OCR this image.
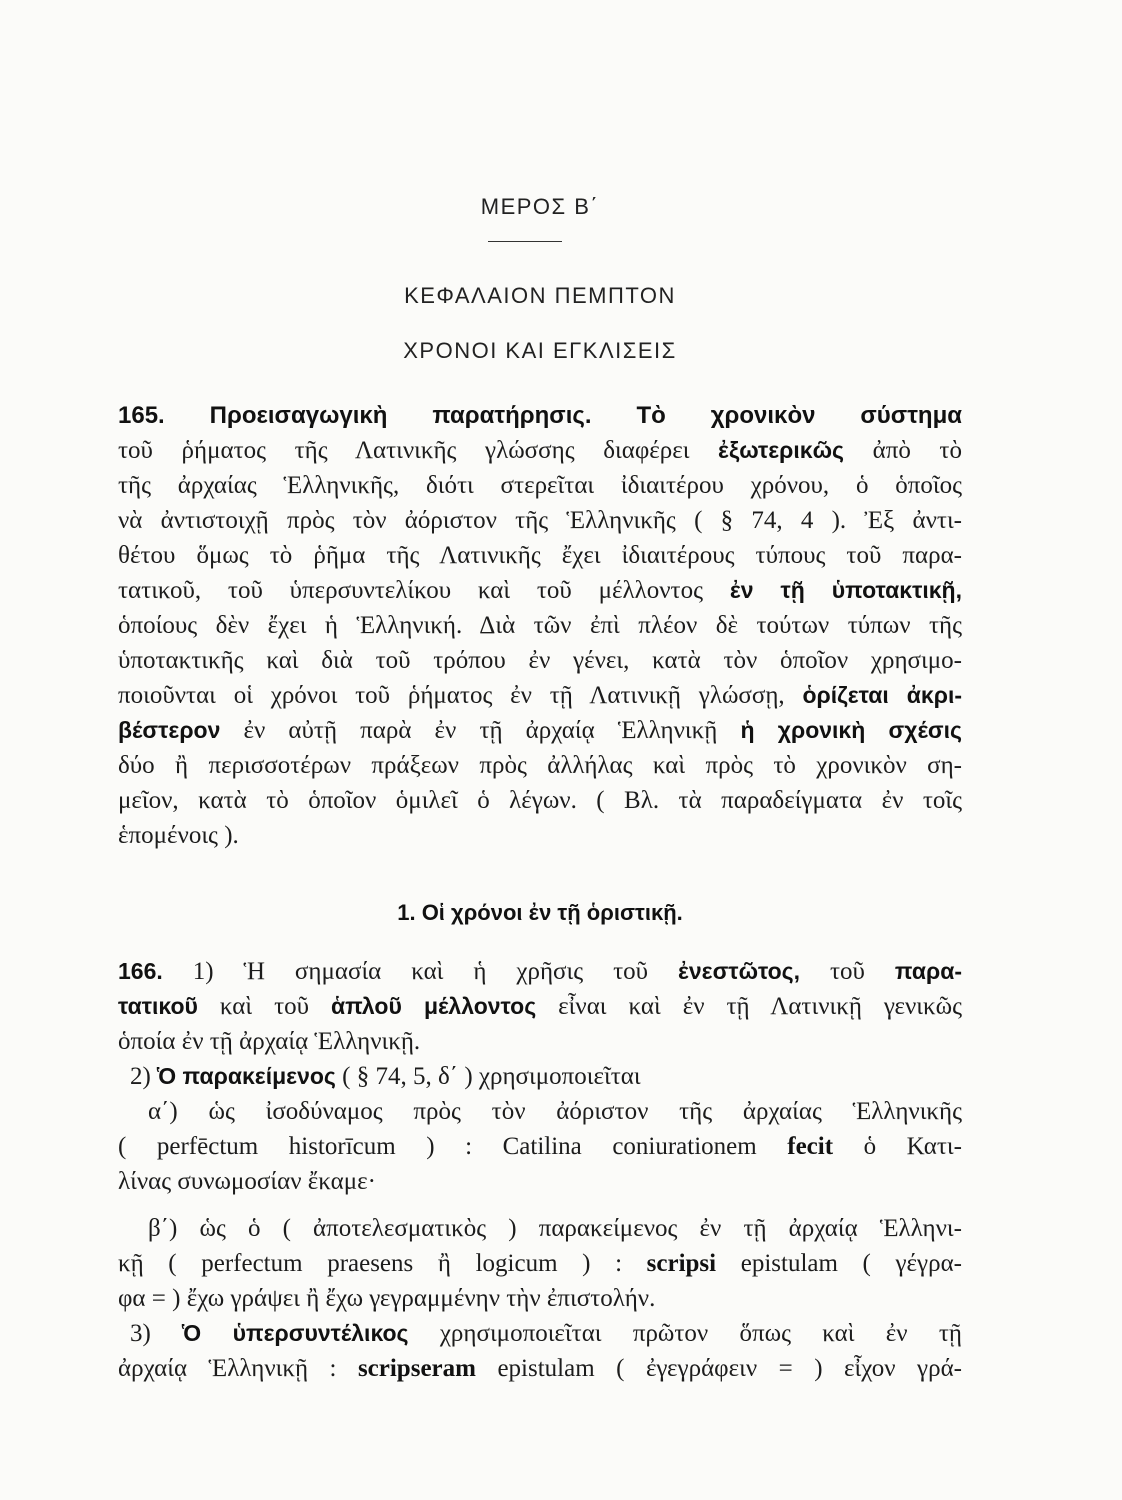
ΜΕΡΟΣ Β΄
ΚΕΦΑΛΑΙΟΝ ΠΕΜΠΤΟΝ
ΧΡΟΝΟΙ ΚΑΙ ΕΓΚΛΙΣΕΙΣ
165. Προεισαγωγικὴ παρατήρησις. Τὸ χρονικὸν σύστημα
τοῦ ῥήματος τῆς Λατινικῆς γλώσσης διαφέρει ἐξωτερικῶς ἀπὸ τὸ
τῆς ἀρχαίας Ἑλληνικῆς, διότι στερεῖται ἰδιαιτέρου χρόνου, ὁ ὁποῖος
νὰ ἀντιστοιχῇ πρὸς τὸν ἀόριστον τῆς Ἑλληνικῆς ( § 74, 4 ). Ἐξ ἀντι-
θέτου ὅμως τὸ ῥῆμα τῆς Λατινικῆς ἔχει ἰδιαιτέρους τύπους τοῦ παρα-
τατικοῦ, τοῦ ὑπερσυντελίκου καὶ τοῦ μέλλοντος ἐν τῇ ὑποτακτικῇ,
ὁποίους δὲν ἔχει ἡ Ἑλληνική. Διὰ τῶν ἐπὶ πλέον δὲ τούτων τύπων τῆς
ὑποτακτικῆς καὶ διὰ τοῦ τρόπου ἐν γένει, κατὰ τὸν ὁποῖον χρησιμο-
ποιοῦνται οἱ χρόνοι τοῦ ῥήματος ἐν τῇ Λατινικῇ γλώσσῃ, ὁρίζεται ἀκρι-
βέστερον ἐν αὐτῇ παρὰ ἐν τῇ ἀρχαίᾳ Ἑλληνικῇ ἡ χρονικὴ σχέσις
δύο ἢ περισσοτέρων πράξεων πρὸς ἀλλήλας καὶ πρὸς τὸ χρονικὸν ση-
μεῖον, κατὰ τὸ ὁποῖον ὁμιλεῖ ὁ λέγων. ( Βλ. τὰ παραδείγματα ἐν τοῖς
ἑπομένοις ).
1. Οἱ χρόνοι ἐν τῇ ὁριστικῇ.
166. 1) Ἡ σημασία καὶ ἡ χρῆσις τοῦ ἐνεστῶτος, τοῦ παρα-
τατικοῦ καὶ τοῦ ἁπλοῦ μέλλοντος εἶναι καὶ ἐν τῇ Λατινικῇ γενικῶς
ὁποία ἐν τῇ ἀρχαίᾳ Ἑλληνικῇ.
2) Ὁ παρακείμενος ( § 74, 5, δ΄ ) χρησιμοποιεῖται
α΄) ὡς ἰσοδύναμος πρὸς τὸν ἀόριστον τῆς ἀρχαίας Ἑλληνικῆς
( perfēctum historīcum ) : Catilina coniurationem fecit ὁ Κατι-
λίνας συνωμοσίαν ἔκαμε·
β΄) ὡς ὁ ( ἀποτελεσματικὸς ) παρακείμενος ἐν τῇ ἀρχαίᾳ Ἑλληνι-
κῇ ( perfectum praesens ἢ logicum ) : scripsi epistulam ( γέγρα-
φα = ) ἔχω γράψει ἢ ἔχω γεγραμμένην τὴν ἐπιστολήν.
3) Ὁ ὑπερσυντέλικος χρησιμοποιεῖται πρῶτον ὅπως καὶ ἐν τῇ
ἀρχαίᾳ Ἑλληνικῇ : scripseram epistulam ( ἐγεγράφειν = ) εἶχον γρά-
